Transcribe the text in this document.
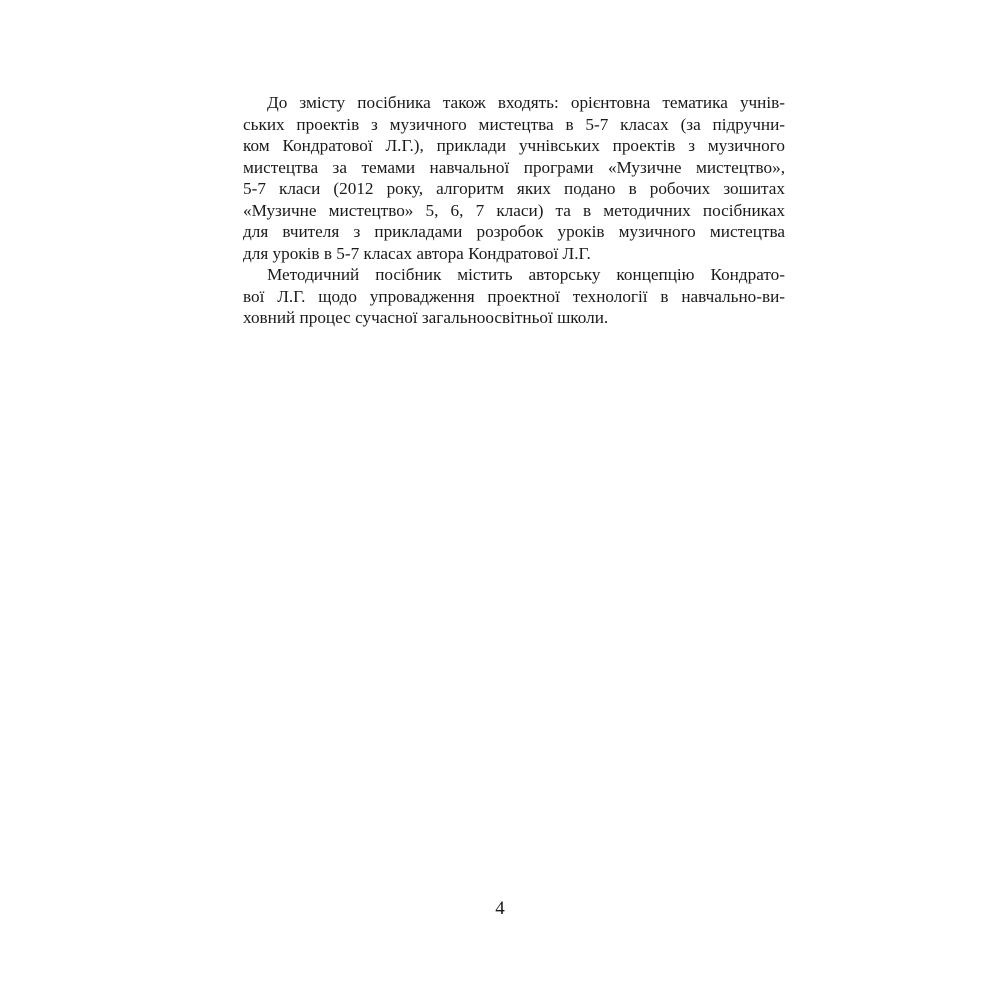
До змісту посібника також входять: орієнтовна тематика учнів-
ських проектів з музичного мистецтва в 5-7 класах (за підручни-
ком Кондратової Л.Г.), приклади учнівських проектів з музичного
мистецтва за темами навчальної програми «Музичне мистецтво»,
5-7 класи (2012 року, алгоритм яких подано в робочих зошитах
«Музичне мистецтво» 5, 6, 7 класи) та в методичних посібниках
для вчителя з прикладами розробок уроків музичного мистецтва
для уроків в 5-7 класах автора Кондратової Л.Г.
Методичний посібник містить авторську концепцію Кондрато-
вої Л.Г. щодо упровадження проектної технології в навчально-ви-
ховний процес сучасної загальноосвітньої школи.
4
